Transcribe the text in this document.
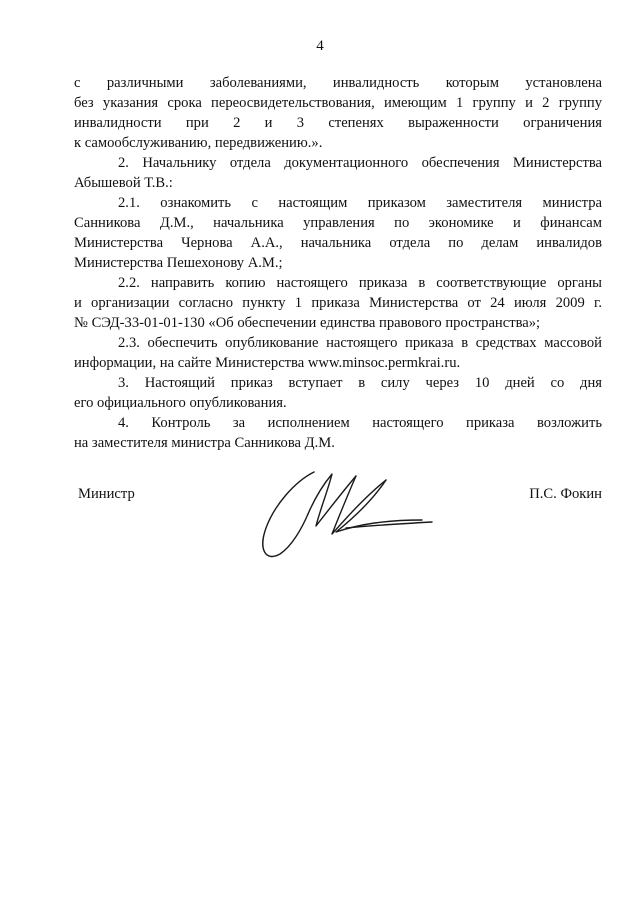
4
с различными заболеваниями, инвалидность которым установлена
без указания срока переосвидетельствования, имеющим 1 группу и 2 группу
инвалидности при 2 и 3 степенях выраженности ограничения
к самообслуживанию, передвижению.».
2. Начальнику отдела документационного обеспечения Министерства
Абышевой Т.В.:
2.1. ознакомить с настоящим приказом заместителя министра
Санникова Д.М., начальника управления по экономике и финансам
Министерства Чернова А.А., начальника отдела по делам инвалидов
Министерства Пешехонову А.М.;
2.2. направить копию настоящего приказа в соответствующие органы
и организации согласно пункту 1 приказа Министерства от 24 июля 2009 г.
№ СЭД-33-01-01-130 «Об обеспечении единства правового пространства»;
2.3. обеспечить опубликование настоящего приказа в средствах массовой
информации, на сайте Министерства www.minsoc.permkrai.ru.
3. Настоящий приказ вступает в силу через 10 дней со дня
его официального опубликования.
4. Контроль за исполнением настоящего приказа возложить
на заместителя министра Санникова Д.М.
Министр	П.С. Фокин
